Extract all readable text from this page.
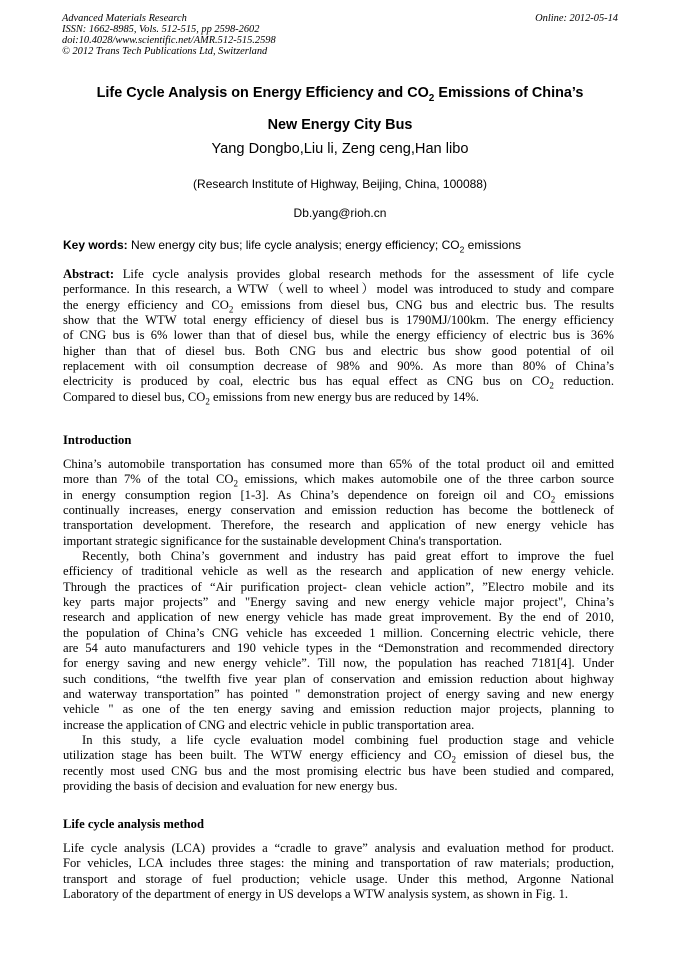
Advanced Materials Research
ISSN: 1662-8985, Vols. 512-515, pp 2598-2602
doi:10.4028/www.scientific.net/AMR.512-515.2598
© 2012 Trans Tech Publications Ltd, Switzerland
Online: 2012-05-14
Life Cycle Analysis on Energy Efficiency and $CO_2$ Emissions of China’s
New Energy City Bus
Yang Dongbo,Liu li, Zeng ceng,Han libo
(Research Institute of Highway, Beijing, China, 100088)
Db.yang@rioh.cn
Key words: New energy city bus; life cycle analysis; energy efficiency; $CO_2$ emissions
Abstract: Life cycle analysis provides global research methods for the assessment of life cycle
performance. In this research, a WTW（well to wheel）model was introduced to study and compare
the energy efficiency and $CO_2$ emissions from diesel bus, CNG bus and electric bus. The results
show that the WTW total energy efficiency of diesel bus is 1790MJ/100km. The energy efficiency
of CNG bus is 6% lower than that of diesel bus, while the energy efficiency of electric bus is 36%
higher than that of diesel bus. Both CNG bus and electric bus show good potential of oil
replacement with oil consumption decrease of 98% and 90%. As more than 80% of China’s
electricity is produced by coal, electric bus has equal effect as CNG bus on $CO_2$ reduction.
Compared to diesel bus, $CO_2$ emissions from new energy bus are reduced by 14%.
Introduction
China’s automobile transportation has consumed more than 65% of the total product oil and emitted
more than 7% of the total $CO_2$ emissions, which makes automobile one of the three carbon source
in energy consumption region [1-3]. As China’s dependence on foreign oil and $CO_2$ emissions
continually increases, energy conservation and emission reduction has become the bottleneck of
transportation development. Therefore, the research and application of new energy vehicle has
important strategic significance for the sustainable development China's transportation.
Recently, both China’s government and industry has paid great effort to improve the fuel
efficiency of traditional vehicle as well as the research and application of new energy vehicle.
Through the practices of “Air purification project- clean vehicle action”, ”Electro mobile and its
key parts major projects” and "Energy saving and new energy vehicle major project", China’s
research and application of new energy vehicle has made great improvement. By the end of 2010,
the population of China’s CNG vehicle has exceeded 1 million. Concerning electric vehicle, there
are 54 auto manufacturers and 190 vehicle types in the “Demonstration and recommended directory
for energy saving and new energy vehicle”. Till now, the population has reached 7181[4]. Under
such conditions, “the twelfth five year plan of conservation and emission reduction about highway
and waterway transportation” has pointed " demonstration project of energy saving and new energy
vehicle " as one of the ten energy saving and emission reduction major projects, planning to
increase the application of CNG and electric vehicle in public transportation area.
In this study, a life cycle evaluation model combining fuel production stage and vehicle
utilization stage has been built. The WTW energy efficiency and $CO_2$ emission of diesel bus, the
recently most used CNG bus and the most promising electric bus have been studied and compared,
providing the basis of decision and evaluation for new energy bus.
Life cycle analysis method
Life cycle analysis (LCA) provides a “cradle to grave” analysis and evaluation method for product.
For vehicles, LCA includes three stages: the mining and transportation of raw materials; production,
transport and storage of fuel production; vehicle usage. Under this method, Argonne National
Laboratory of the department of energy in US develops a WTW analysis system, as shown in Fig. 1.
